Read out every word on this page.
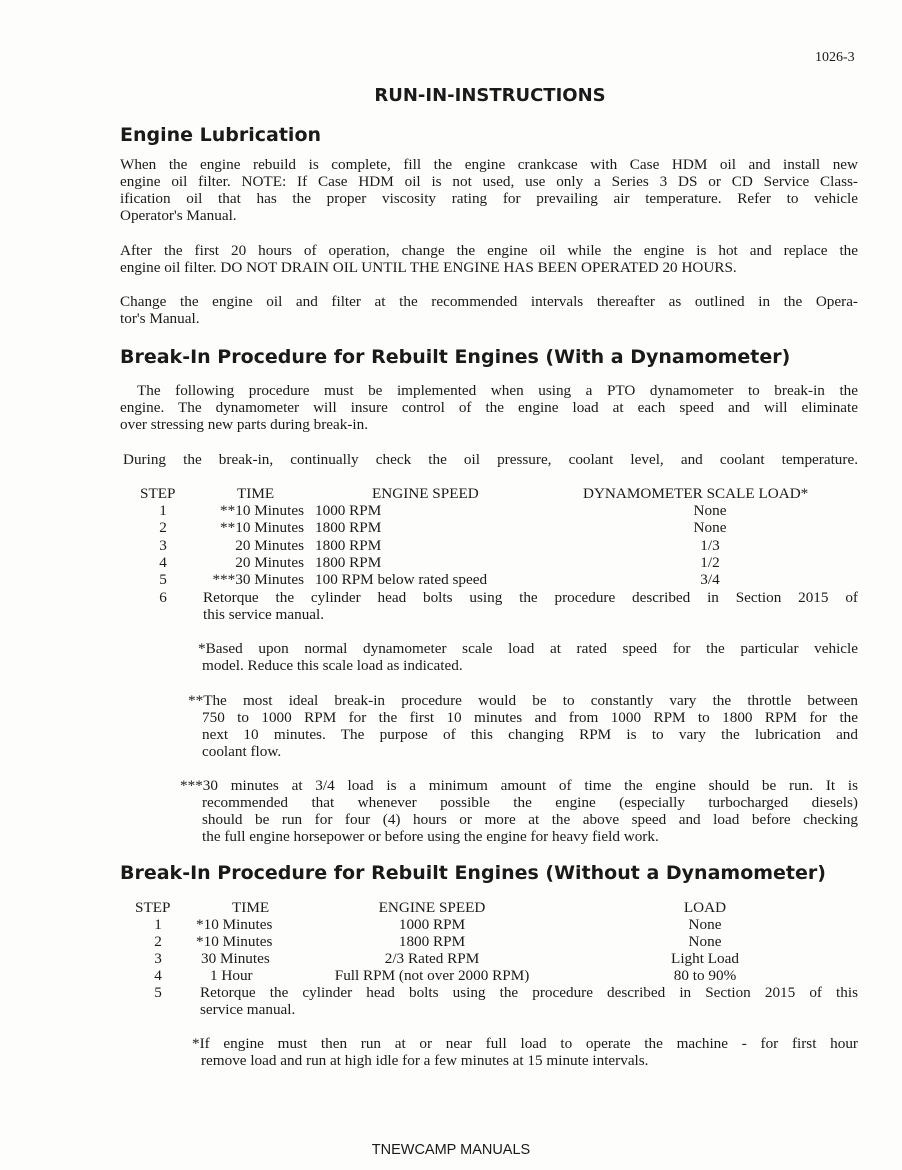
1026-3
RUN-IN-INSTRUCTIONS
Engine Lubrication
When the engine rebuild is complete, fill the engine crankcase with Case HDM oil and install new
engine oil filter. NOTE: If Case HDM oil is not used, use only a Series 3 DS or CD Service Class-
ification oil that has the proper viscosity rating for prevailing air temperature. Refer to vehicle
Operator's Manual.
After the first 20 hours of operation, change the engine oil while the engine is hot and replace the
engine oil filter. DO NOT DRAIN OIL UNTIL THE ENGINE HAS BEEN OPERATED 20 HOURS.
Change the engine oil and filter at the recommended intervals thereafter as outlined in the Opera-
tor's Manual.
Break-In Procedure for Rebuilt Engines (With a Dynamometer)
The following procedure must be implemented when using a PTO dynamometer to break-in the
engine. The dynamometer will insure control of the engine load at each speed and will eliminate
over stressing new parts during break-in.
During the break-in, continually check the oil pressure, coolant level, and coolant temperature.
STEP	TIME	ENGINE SPEED	DYNAMOMETER SCALE LOAD*
1	**10 Minutes 1000 RPM	None
2	**10 Minutes 1800 RPM	None
3	20 Minutes 1800 RPM	1/3
4	20 Minutes 1800 RPM	1/2
5	***30 Minutes 100 RPM below rated speed	3/4
6 Retorque the cylinder head bolts using the procedure described in Section 2015 of
this service manual.
*Based upon normal dynamometer scale load at rated speed for the particular vehicle
model. Reduce this scale load as indicated.
**The most ideal break-in procedure would be to constantly vary the throttle between
750 to 1000 RPM for the first 10 minutes and from 1000 RPM to 1800 RPM for the
next 10 minutes. The purpose of this changing RPM is to vary the lubrication and
coolant flow.
***30 minutes at 3/4 load is a minimum amount of time the engine should be run. It is
recommended that whenever possible the engine (especially turbocharged diesels)
should be run for four (4) hours or more at the above speed and load before checking
the full engine horsepower or before using the engine for heavy field work.
Break-In Procedure for Rebuilt Engines (Without a Dynamometer)
STEP	TIME	ENGINE SPEED	LOAD
1 *10 Minutes	1000 RPM	None
2 *10 Minutes	1800 RPM	None
3	30 Minutes	2/3 Rated RPM	Light Load
4	1 Hour	Full RPM (not over 2000 RPM)	80 to 90%
5	Retorque the cylinder head bolts using the procedure described in Section 2015 of this
service manual.
*If engine must then run at or near full load to operate the machine - for first hour
remove load and run at high idle for a few minutes at 15 minute intervals.
TNEWCAMP MANUALS
